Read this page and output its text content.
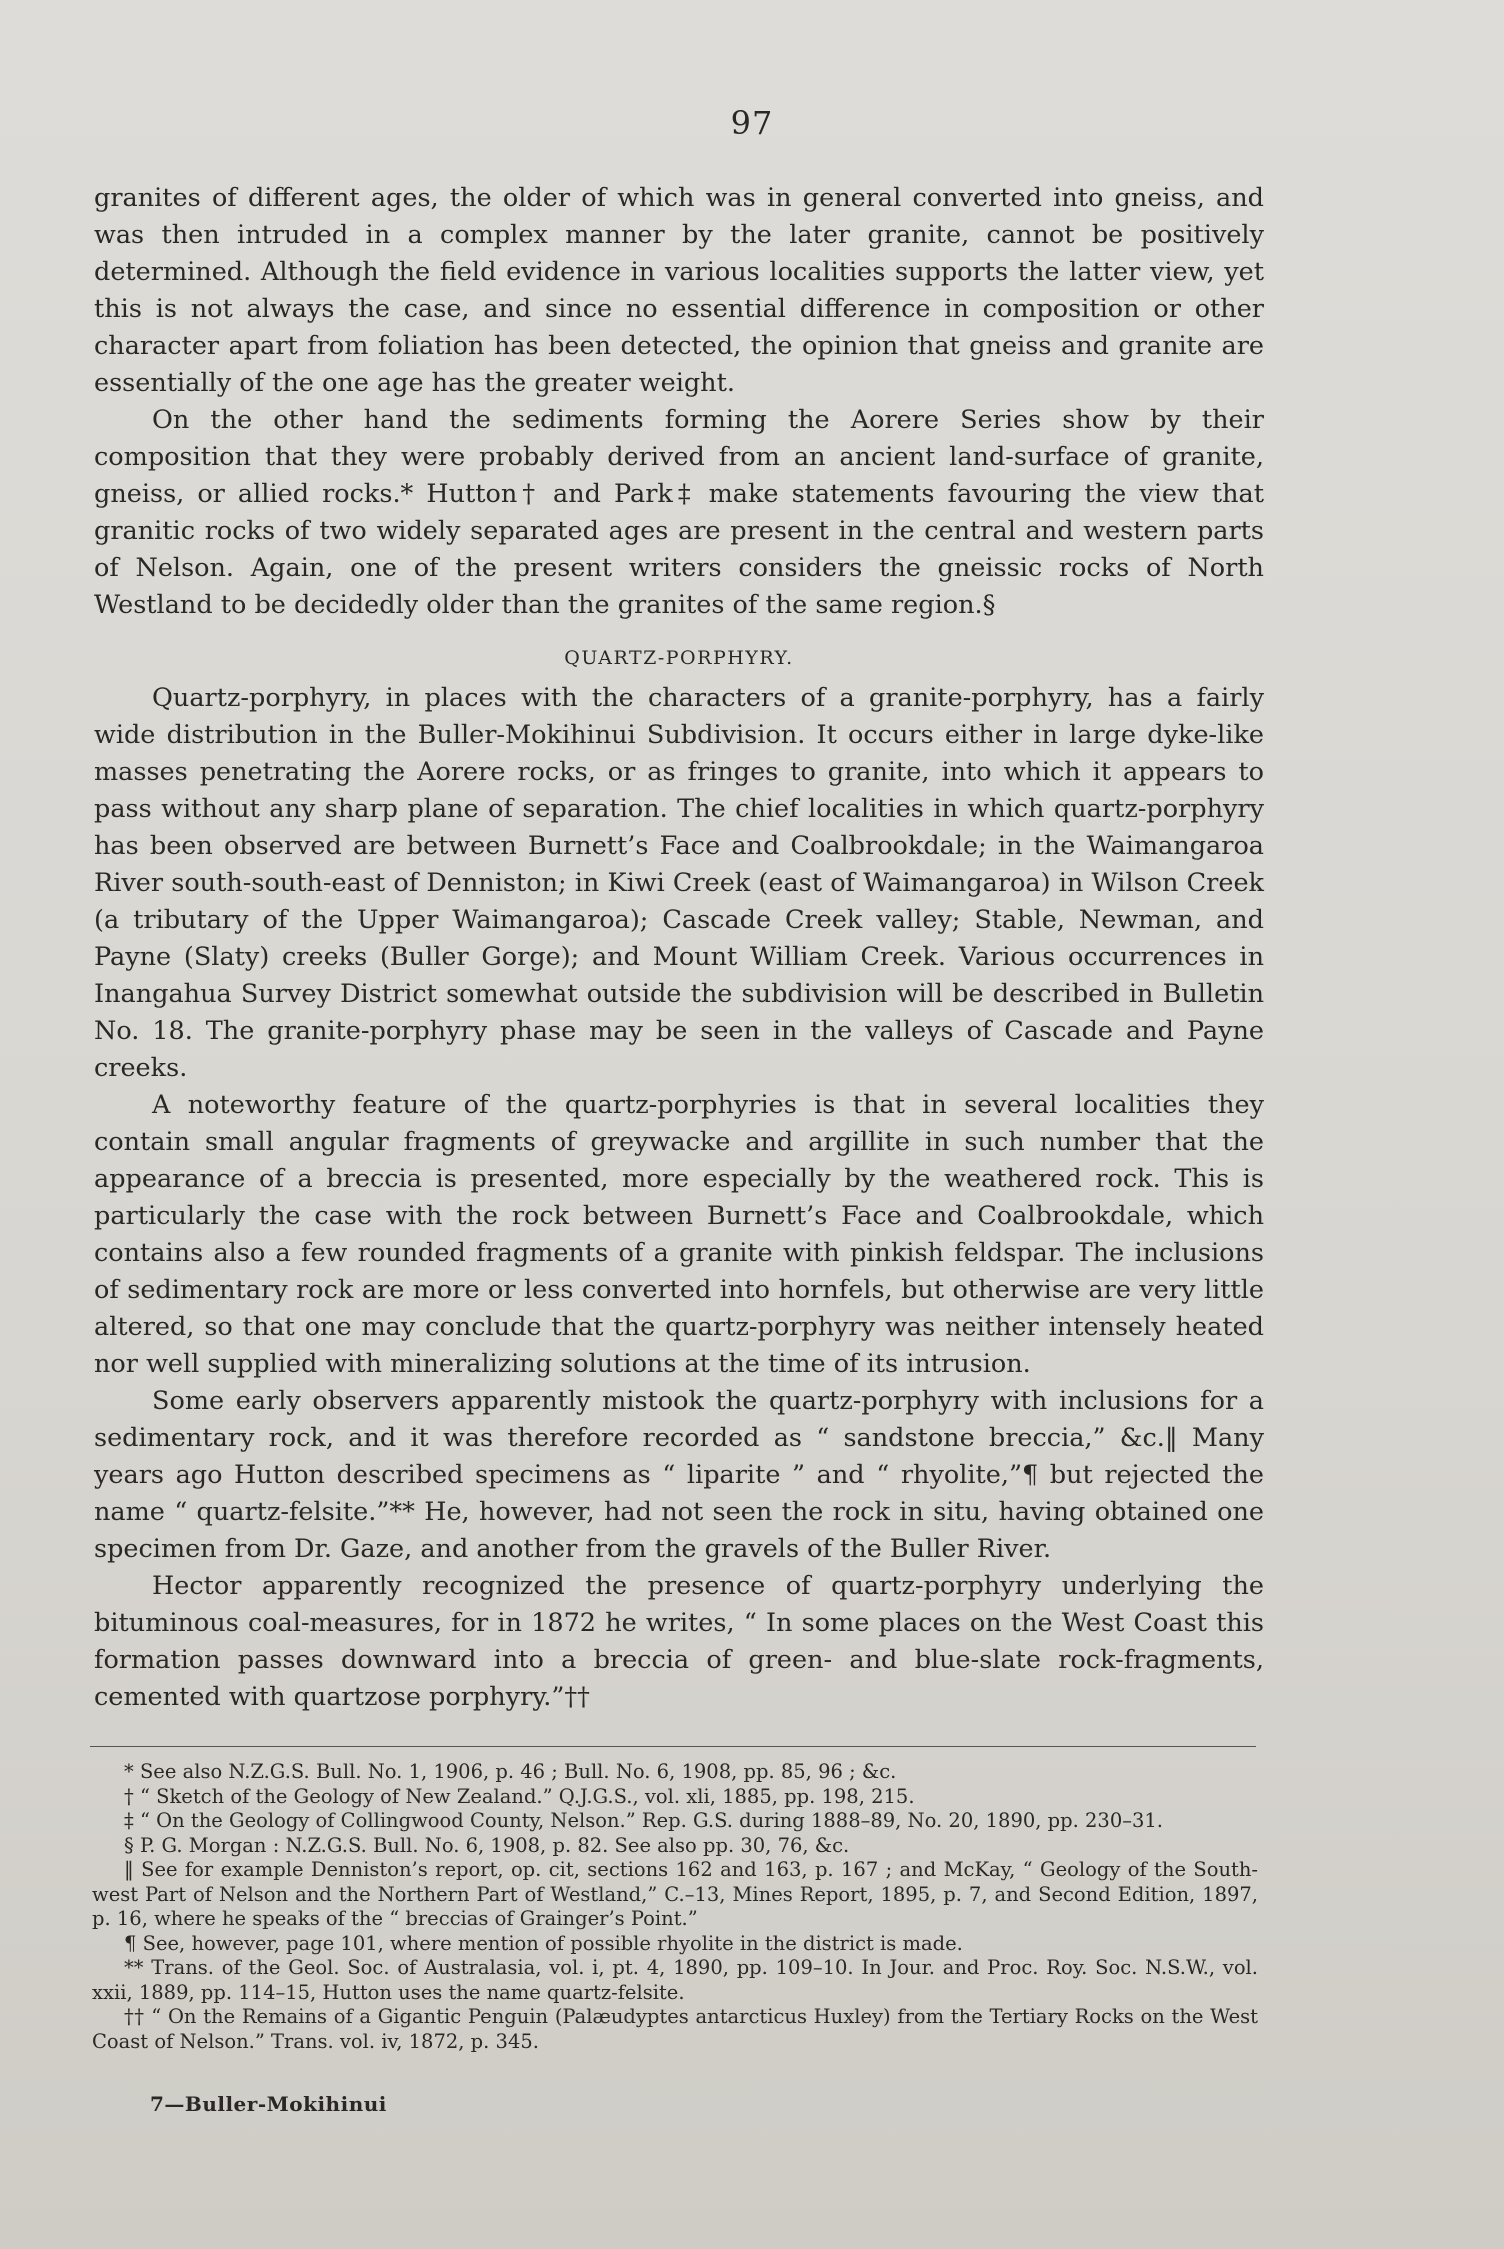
97

granites of different ages, the older of which was in general converted into gneiss, and was then intruded in a complex manner by the later granite, cannot be positively determined. Although the field evidence in various localities supports the latter view, yet this is not always the case, and since no essential difference in composition or other character apart from foliation has been detected, the opinion that gneiss and granite are essentially of the one age has the greater weight.

On the other hand the sediments forming the Aorere Series show by their composition that they were probably derived from an ancient land-surface of granite, gneiss, or allied rocks.* Hutton† and Park‡ make statements favouring the view that granitic rocks of two widely separated ages are present in the central and western parts of Nelson. Again, one of the present writers considers the gneissic rocks of North Westland to be decidedly older than the granites of the same region.§

QUARTZ-PORPHYRY.

Quartz-porphyry, in places with the characters of a granite-porphyry, has a fairly wide distribution in the Buller-Mokihinui Subdivision. It occurs either in large dyke-like masses penetrating the Aorere rocks, or as fringes to granite, into which it appears to pass without any sharp plane of separation. The chief localities in which quartz-porphyry has been observed are between Burnett’s Face and Coalbrookdale; in the Waimangaroa River south-south-east of Denniston; in Kiwi Creek (east of Waimangaroa) in Wilson Creek (a tributary of the Upper Waimangaroa); Cascade Creek valley; Stable, Newman, and Payne (Slaty) creeks (Buller Gorge); and Mount William Creek. Various occurrences in Inangahua Survey District somewhat outside the subdivision will be described in Bulletin No. 18. The granite-porphyry phase may be seen in the valleys of Cascade and Payne creeks.

A noteworthy feature of the quartz-porphyries is that in several localities they contain small angular fragments of greywacke and argillite in such number that the appearance of a breccia is presented, more especially by the weathered rock. This is particularly the case with the rock between Burnett’s Face and Coalbrookdale, which contains also a few rounded fragments of a granite with pinkish feldspar. The inclusions of sedimentary rock are more or less converted into hornfels, but otherwise are very little altered, so that one may conclude that the quartz-porphyry was neither intensely heated nor well supplied with mineralizing solutions at the time of its intrusion.

Some early observers apparently mistook the quartz-porphyry with inclusions for a sedimentary rock, and it was therefore recorded as “ sandstone breccia,” &c.‖ Many years ago Hutton described specimens as “ liparite ” and “ rhyolite,”¶ but rejected the name “ quartz-felsite.”** He, however, had not seen the rock in situ, having obtained one specimen from Dr. Gaze, and another from the gravels of the Buller River.

Hector apparently recognized the presence of quartz-porphyry underlying the bituminous coal-measures, for in 1872 he writes, “ In some places on the West Coast this formation passes downward into a breccia of green- and blue-slate rock-fragments, cemented with quartzose porphyry.”††

* See also N.Z.G.S. Bull. No. 1, 1906, p. 46 ; Bull. No. 6, 1908, pp. 85, 96 ; &c.

† “ Sketch of the Geology of New Zealand.” Q.J.G.S., vol. xli, 1885, pp. 198, 215.

‡ “ On the Geology of Collingwood County, Nelson.” Rep. G.S. during 1888–89, No. 20, 1890, pp. 230–31.

§ P. G. Morgan : N.Z.G.S. Bull. No. 6, 1908, p. 82. See also pp. 30, 76, &c.

‖ See for example Denniston’s report, op. cit, sections 162 and 163, p. 167 ; and McKay, “ Geology of the South-west Part of Nelson and the Northern Part of Westland,” C.–13, Mines Report, 1895, p. 7, and Second Edition, 1897, p. 16, where he speaks of the “ breccias of Grainger’s Point.”

¶ See, however, page 101, where mention of possible rhyolite in the district is made.

** Trans. of the Geol. Soc. of Australasia, vol. i, pt. 4, 1890, pp. 109–10. In Jour. and Proc. Roy. Soc. N.S.W., vol. xxii, 1889, pp. 114–15, Hutton uses the name quartz-felsite.

†† “ On the Remains of a Gigantic Penguin (Palæudyptes antarcticus Huxley) from the Tertiary Rocks on the West Coast of Nelson.” Trans. vol. iv, 1872, p. 345.

7—Buller-Mokihinui
